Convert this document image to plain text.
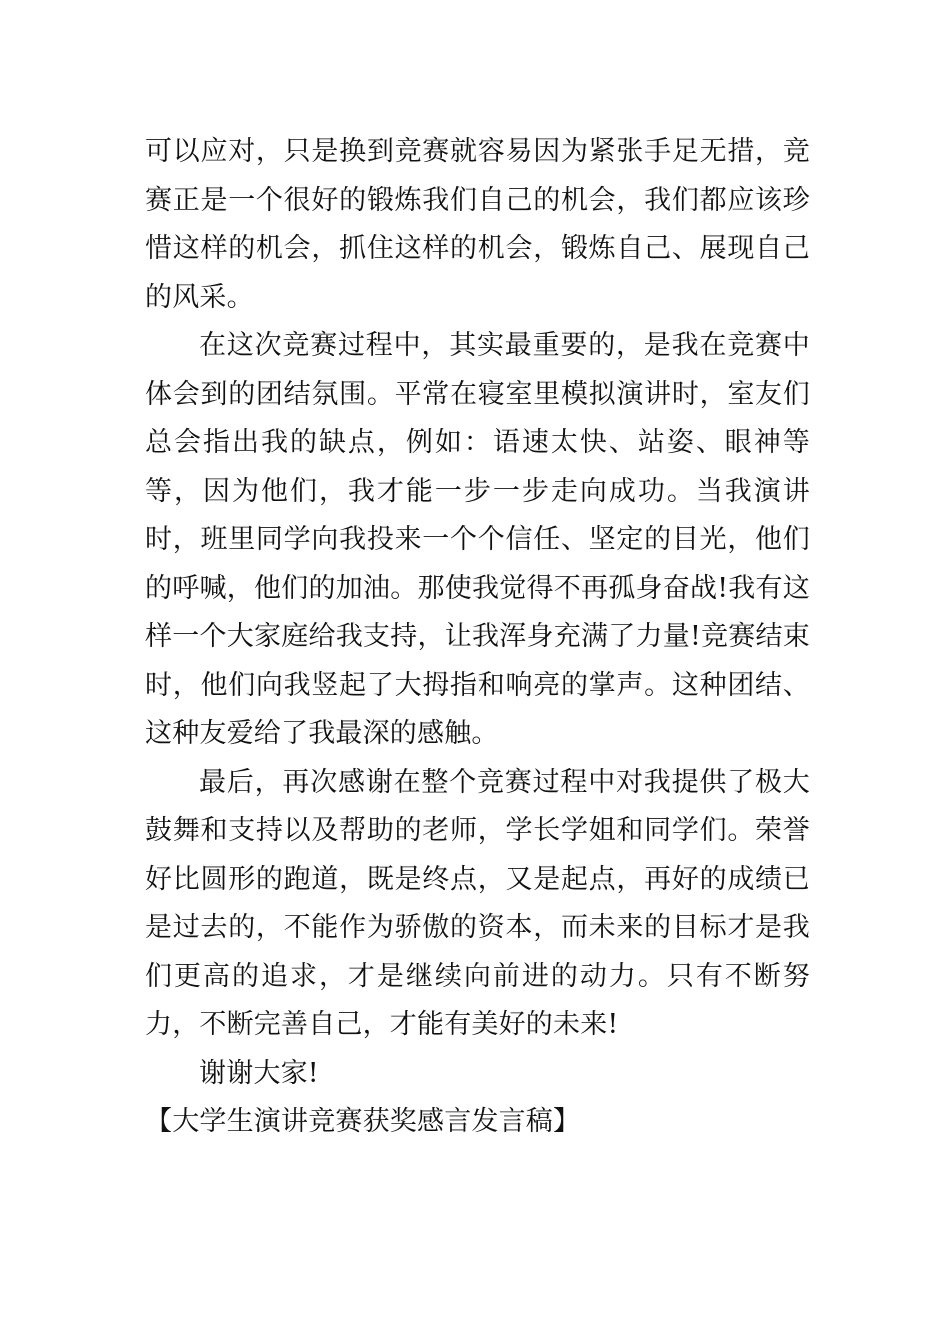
可以应对，只是换到竞赛就容易因为紧张手足无措，竞赛正是一个很好的锻炼我们自己的机会，我们都应该珍惜这样的机会，抓住这样的机会，锻炼自己、展现自己的风采。

在这次竞赛过程中，其实最重要的，是我在竞赛中体会到的团结氛围。平常在寝室里模拟演讲时，室友们总会指出我的缺点，例如：语速太快、站姿、眼神等等，因为他们，我才能一步一步走向成功。当我演讲时，班里同学向我投来一个个信任、坚定的目光，他们的呼喊，他们的加油。那使我觉得不再孤身奋战!我有这样一个大家庭给我支持，让我浑身充满了力量!竞赛结束时，他们向我竖起了大拇指和响亮的掌声。这种团结、这种友爱给了我最深的感触。

最后，再次感谢在整个竞赛过程中对我提供了极大鼓舞和支持以及帮助的老师，学长学姐和同学们。荣誉好比圆形的跑道，既是终点，又是起点，再好的成绩已是过去的，不能作为骄傲的资本，而未来的目标才是我们更高的追求，才是继续向前进的动力。只有不断努力，不断完善自己，才能有美好的未来!

谢谢大家!

【大学生演讲竞赛获奖感言发言稿】
